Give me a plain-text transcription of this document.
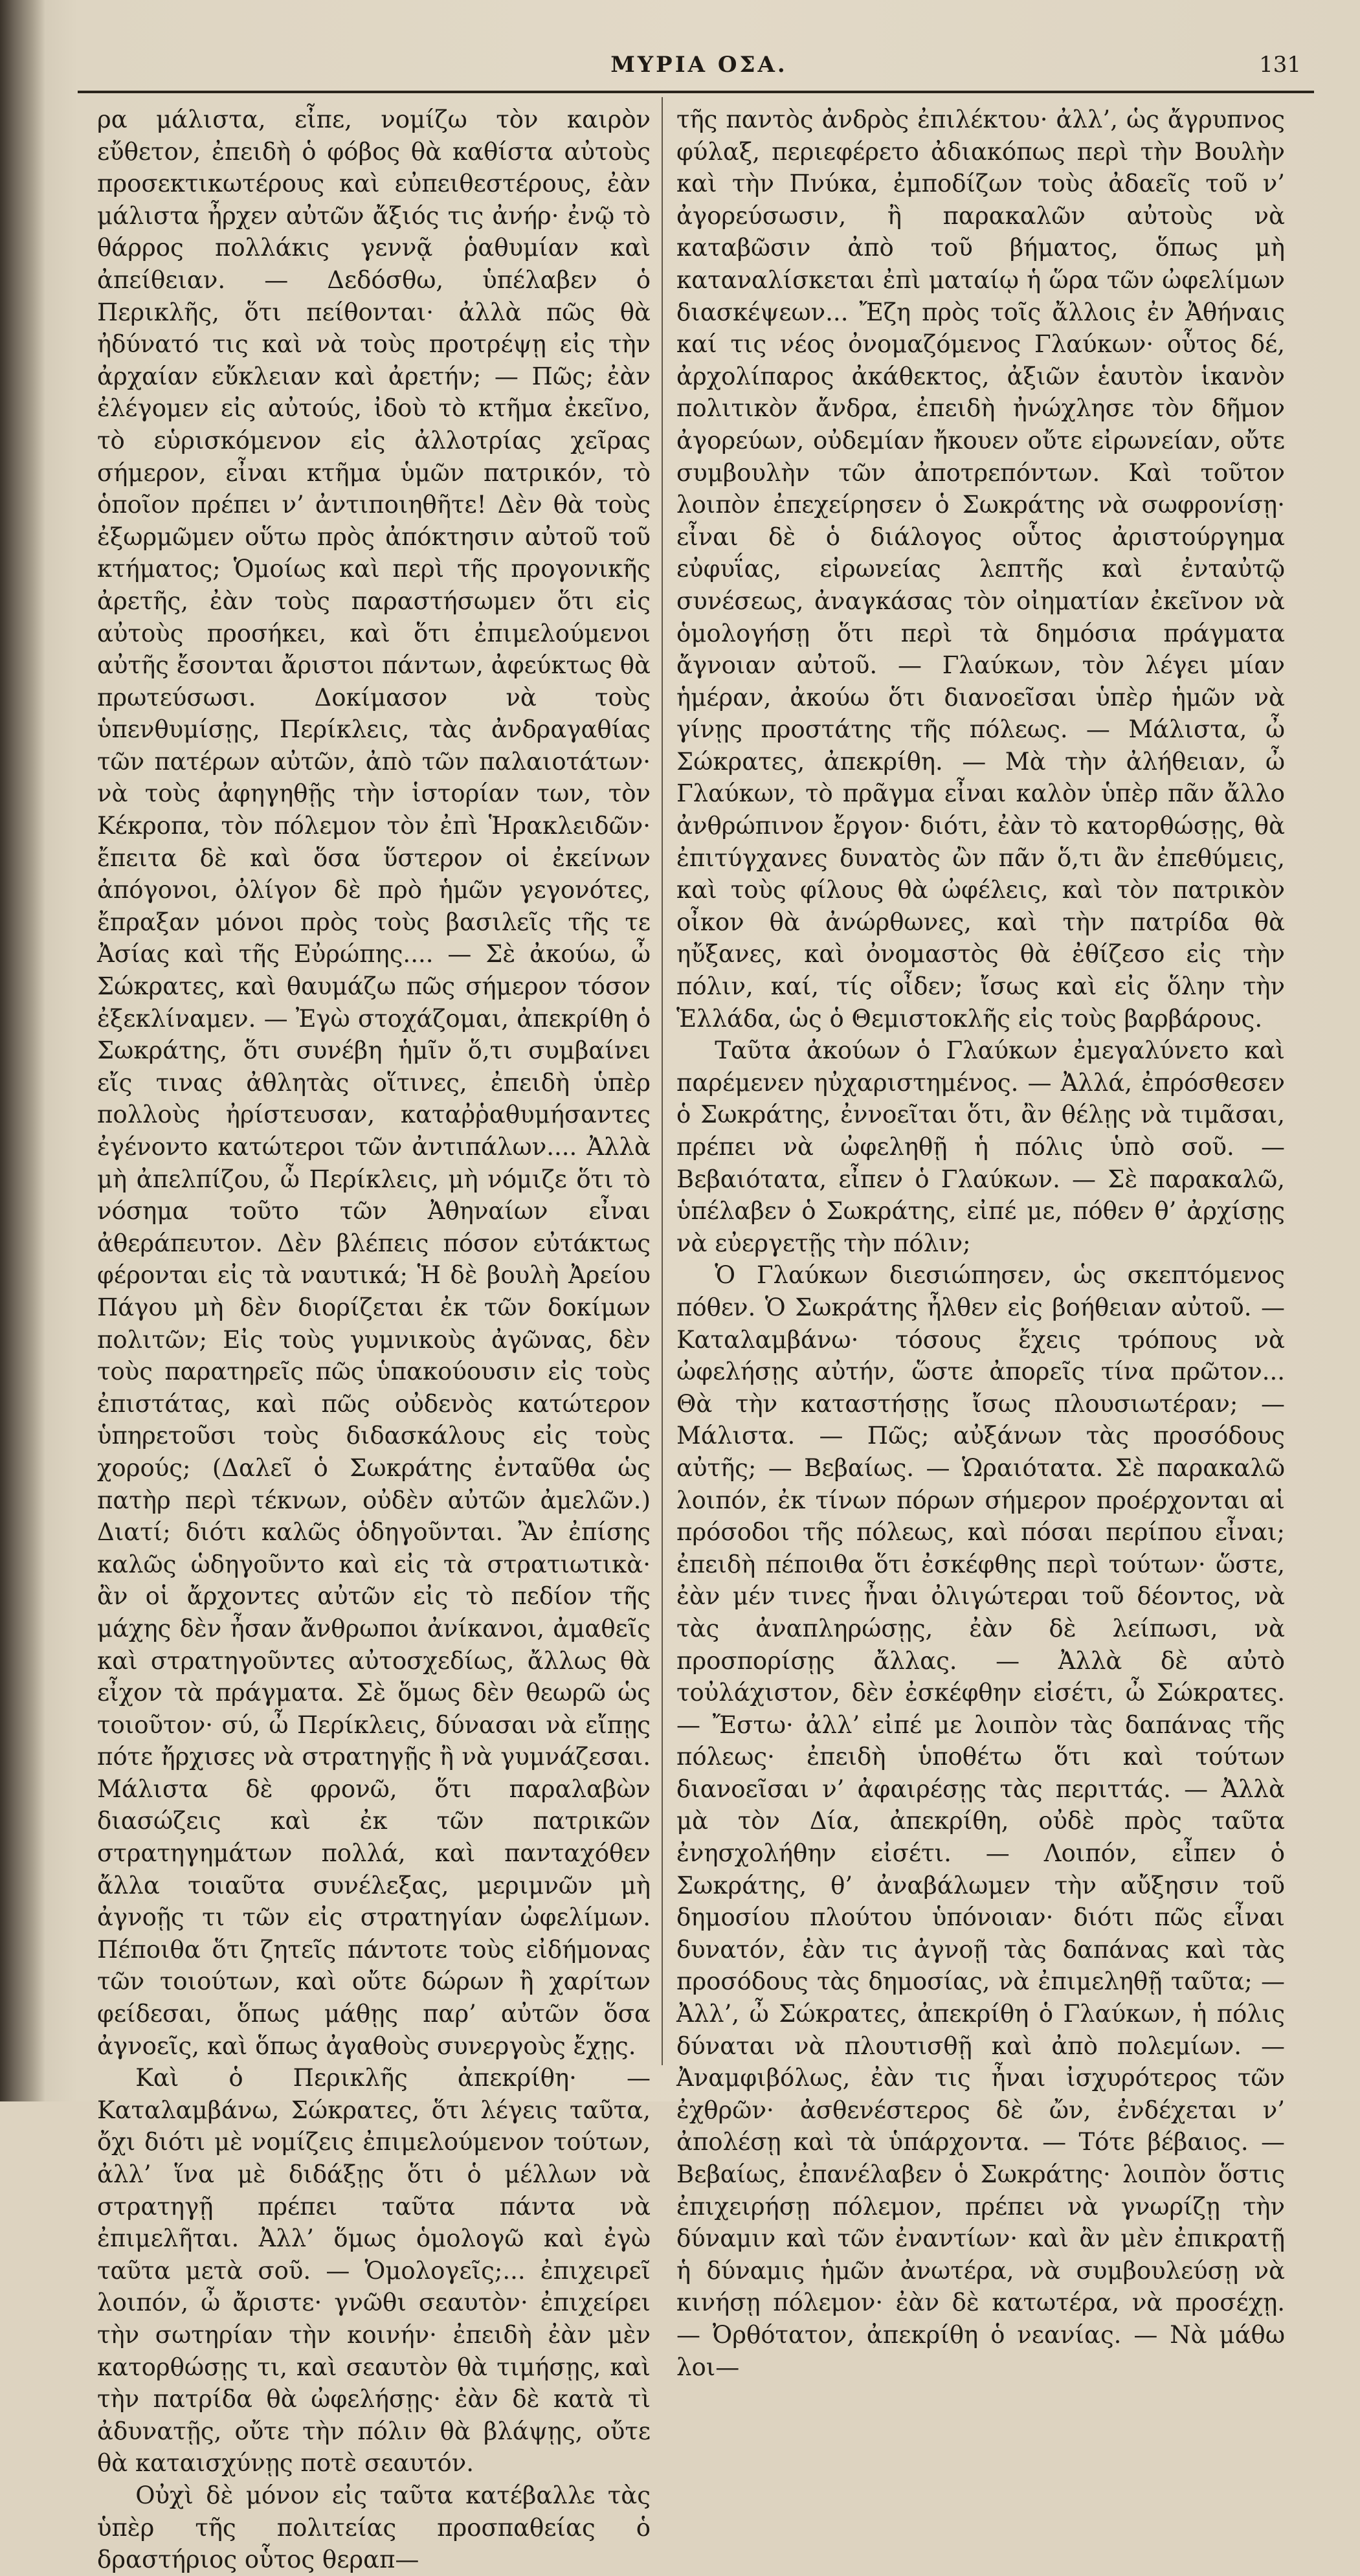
ΜΥΡΙΑ ΟΣΑ.	131

ρα μάλιστα, εἶπε, νομίζω τὸν καιρὸν εὔθετον, ἐπειδὴ ὁ φόβος θὰ καθίστα αὐτοὺς προσεκτικωτέρους καὶ εὐπειθεστέρους, ἐὰν μάλιστα ἦρχεν αὐτῶν ἄξιός τις ἀνήρ· ἐνῷ τὸ θάρρος πολλάκις γεννᾷ ῥαθυμίαν καὶ ἀπείθειαν. — Δεδόσθω, ὑπέλαβεν ὁ Περικλῆς, ὅτι πείθονται· ἀλλὰ πῶς θὰ ἠδύνατό τις καὶ νὰ τοὺς προτρέψῃ εἰς τὴν ἀρχαίαν εὔκλειαν καὶ ἀρετήν; — Πῶς; ἐὰν ἐλέγομεν εἰς αὐτούς, ἰδοὺ τὸ κτῆμα ἐκεῖνο, τὸ εὑρισκόμενον εἰς ἀλλοτρίας χεῖρας σήμερον, εἶναι κτῆμα ὑμῶν πατρικόν, τὸ ὁποῖον πρέπει ν’ ἀντιποιηθῆτε! Δὲν θὰ τοὺς ἐξωρμῶμεν οὕτω πρὸς ἀπόκτησιν αὐτοῦ τοῦ κτήματος; Ὁμοίως καὶ περὶ τῆς προγονικῆς ἀρετῆς, ἐὰν τοὺς παραστήσωμεν ὅτι εἰς αὐτοὺς προσήκει, καὶ ὅτι ἐπιμελούμενοι αὐτῆς ἔσονται ἄριστοι πάντων, ἀφεύκτως θὰ πρωτεύσωσι. Δοκίμασον νὰ τοὺς ὑπενθυμίσῃς, Περίκλεις, τὰς ἀνδραγαθίας τῶν πατέρων αὐτῶν, ἀπὸ τῶν παλαιοτάτων· νὰ τοὺς ἀφηγηθῇς τὴν ἱστορίαν των, τὸν Κέκροπα, τὸν πόλεμον τὸν ἐπὶ Ἡρακλειδῶν· ἔπειτα δὲ καὶ ὅσα ὕστερον οἱ ἐκείνων ἀπόγονοι, ὀλίγον δὲ πρὸ ἡμῶν γεγονότες, ἔπραξαν μόνοι πρὸς τοὺς βασιλεῖς τῆς τε Ἀσίας καὶ τῆς Εὐρώπης.... — Σὲ ἀκούω, ὦ Σώκρατες, καὶ θαυμάζω πῶς σήμερον τόσον ἐξεκλίναμεν. — Ἐγὼ στοχάζομαι, ἀπεκρίθη ὁ Σωκράτης, ὅτι συνέβη ἡμῖν ὅ,τι συμβαίνει εἴς τινας ἀθλητὰς οἵτινες, ἐπειδὴ ὑπὲρ πολλοὺς ἠρίστευσαν, καταῤῥαθυμήσαντες ἐγένοντο κατώτεροι τῶν ἀντιπάλων.... Ἀλλὰ μὴ ἀπελπίζου, ὦ Περίκλεις, μὴ νόμιζε ὅτι τὸ νόσημα τοῦτο τῶν Ἀθηναίων εἶναι ἀθεράπευτον. Δὲν βλέπεις πόσον εὐτάκτως φέρονται εἰς τὰ ναυτικά; Ἡ δὲ βουλὴ Ἀρείου Πάγου μὴ δὲν διορίζεται ἐκ τῶν δοκίμων πολιτῶν; Εἰς τοὺς γυμνικοὺς ἀγῶνας, δὲν τοὺς παρατηρεῖς πῶς ὑπακούουσιν εἰς τοὺς ἐπιστάτας, καὶ πῶς οὐδενὸς κατώτερον ὑπηρετοῦσι τοὺς διδασκάλους εἰς τοὺς χορούς; (Δαλεῖ ὁ Σωκράτης ἐνταῦθα ὡς πατὴρ περὶ τέκνων, οὐδὲν αὐτῶν ἀμελῶν.) Διατί; διότι καλῶς ὁδηγοῦνται. Ἂν ἐπίσης καλῶς ὡδηγοῦντο καὶ εἰς τὰ στρατιωτικὰ· ἂν οἱ ἄρχοντες αὐτῶν εἰς τὸ πεδίον τῆς μάχης δὲν ἦσαν ἄνθρωποι ἀνίκανοι, ἀμαθεῖς καὶ στρατηγοῦντες αὐτοσχεδίως, ἄλλως θὰ εἶχον τὰ πράγματα. Σὲ ὅμως δὲν θεωρῶ ὡς τοιοῦτον· σύ, ὦ Περίκλεις, δύνασαι νὰ εἴπῃς πότε ἤρχισες νὰ στρατηγῇς ἢ νὰ γυμνάζεσαι. Μάλιστα δὲ φρονῶ, ὅτι παραλαβὼν διασώζεις καὶ ἐκ τῶν πατρικῶν στρατηγημάτων πολλά, καὶ πανταχόθεν ἄλλα τοιαῦτα συνέλεξας, μεριμνῶν μὴ ἀγνοῇς τι τῶν εἰς στρατηγίαν ὠφελίμων. Πέποιθα ὅτι ζητεῖς πάντοτε τοὺς εἰδήμονας τῶν τοιούτων, καὶ οὔτε δώρων ἢ χαρίτων φείδεσαι, ὅπως μάθῃς παρ’ αὐτῶν ὅσα ἀγνοεῖς, καὶ ὅπως ἀγαθοὺς συνεργοὺς ἔχῃς.

Καὶ ὁ Περικλῆς ἀπεκρίθη· — Καταλαμβάνω, Σώκρατες, ὅτι λέγεις ταῦτα, ὄχι διότι μὲ νομίζεις ἐπιμελούμενον τούτων, ἀλλ’ ἵνα μὲ διδάξῃς ὅτι ὁ μέλλων νὰ στρατηγῇ πρέπει ταῦτα πάντα νὰ ἐπιμελῆται. Ἀλλ’ ὅμως ὁμολογῶ καὶ ἐγὼ ταῦτα μετὰ σοῦ. — Ὁμολογεῖς;... ἐπιχειρεῖ λοιπόν, ὦ ἄριστε· γνῶθι σεαυτὸν· ἐπιχείρει τὴν σωτηρίαν τὴν κοινήν· ἐπειδὴ ἐὰν μὲν κατορθώσῃς τι, καὶ σεαυτὸν θὰ τιμήσῃς, καὶ τὴν πατρίδα θὰ ὠφελήσῃς· ἐὰν δὲ κατὰ τὶ ἀδυνατῇς, οὔτε τὴν πόλιν θὰ βλάψῃς, οὔτε θὰ καταισχύνῃς ποτὲ σεαυτόν.

Οὐχὶ δὲ μόνον εἰς ταῦτα κατέβαλλε τὰς ὑπὲρ τῆς πολιτείας προσπαθείας ὁ δραστήριος οὗτος θεραπ—

τῆς παντὸς ἀνδρὸς ἐπιλέκτου· ἀλλ’, ὡς ἄγρυπνος φύλαξ, περιεφέρετο ἀδιακόπως περὶ τὴν Βουλὴν καὶ τὴν Πνύκα, ἐμποδίζων τοὺς ἀδαεῖς τοῦ ν’ ἀγορεύσωσιν, ἢ παρακαλῶν αὐτοὺς νὰ καταβῶσιν ἀπὸ τοῦ βήματος, ὅπως μὴ καταναλίσκεται ἐπὶ ματαίῳ ἡ ὥρα τῶν ὠφελίμων διασκέψεων... Ἔζη πρὸς τοῖς ἄλλοις ἐν Ἀθήναις καί τις νέος ὀνομαζόμενος Γλαύκων· οὗτος δέ, ἀρχολίπαρος ἀκάθεκτος, ἀξιῶν ἑαυτὸν ἱκανὸν πολιτικὸν ἄνδρα, ἐπειδὴ ἠνώχλησε τὸν δῆμον ἀγορεύων, οὐδεμίαν ἤκουεν οὔτε εἰρωνείαν, οὔτε συμβουλὴν τῶν ἀποτρεπόντων. Καὶ τοῦτον λοιπὸν ἐπεχείρησεν ὁ Σωκράτης νὰ σωφρονίσῃ· εἶναι δὲ ὁ διάλογος οὗτος ἀριστούργημα εὐφυΐας, εἰρωνείας λεπτῆς καὶ ἐνταὐτῷ συνέσεως, ἀναγκάσας τὸν οἰηματίαν ἐκεῖνον νὰ ὁμολογήσῃ ὅτι περὶ τὰ δημόσια πράγματα ἄγνοιαν αὐτοῦ. — Γλαύκων, τὸν λέγει μίαν ἡμέραν, ἀκούω ὅτι διανοεῖσαι ὑπὲρ ἡμῶν νὰ γίνῃς προστάτης τῆς πόλεως. — Μάλιστα, ὦ Σώκρατες, ἀπεκρίθη. — Μὰ τὴν ἀλήθειαν, ὦ Γλαύκων, τὸ πρᾶγμα εἶναι καλὸν ὑπὲρ πᾶν ἄλλο ἀνθρώπινον ἔργον· διότι, ἐὰν τὸ κατορθώσῃς, θὰ ἐπιτύγχανες δυνατὸς ὢν πᾶν ὅ,τι ἂν ἐπεθύμεις, καὶ τοὺς φίλους θὰ ὠφέλεις, καὶ τὸν πατρικὸν οἶκον θὰ ἀνώρθωνες, καὶ τὴν πατρίδα θὰ ηὔξανες, καὶ ὀνομαστὸς θὰ ἐθίζεσο εἰς τὴν πόλιν, καί, τίς οἶδεν; ἴσως καὶ εἰς ὅλην τὴν Ἑλλάδα, ὡς ὁ Θεμιστοκλῆς εἰς τοὺς βαρβάρους.

Ταῦτα ἀκούων ὁ Γλαύκων ἐμεγαλύνετο καὶ παρέμενεν ηὐχαριστημένος. — Ἀλλά, ἐπρόσθεσεν ὁ Σωκράτης, ἐννοεῖται ὅτι, ἂν θέλῃς νὰ τιμᾶσαι, πρέπει νὰ ὠφεληθῇ ἡ πόλις ὑπὸ σοῦ. — Βεβαιότατα, εἶπεν ὁ Γλαύκων. — Σὲ παρακαλῶ, ὑπέλαβεν ὁ Σωκράτης, εἰπέ με, πόθεν θ’ ἀρχίσῃς νὰ εὐεργετῇς τὴν πόλιν;

Ὁ Γλαύκων διεσιώπησεν, ὡς σκεπτόμενος πόθεν. Ὁ Σωκράτης ἦλθεν εἰς βοήθειαν αὐτοῦ. — Καταλαμβάνω· τόσους ἔχεις τρόπους νὰ ὠφελήσῃς αὐτήν, ὥστε ἀπορεῖς τίνα πρῶτον... Θὰ τὴν καταστήσῃς ἴσως πλουσιωτέραν; — Μάλιστα. — Πῶς; αὐξάνων τὰς προσόδους αὐτῆς; — Βεβαίως. — Ὡραιότατα. Σὲ παρακαλῶ λοιπόν, ἐκ τίνων πόρων σήμερον προέρχονται αἱ πρόσοδοι τῆς πόλεως, καὶ πόσαι περίπου εἶναι; ἐπειδὴ πέποιθα ὅτι ἐσκέφθης περὶ τούτων· ὥστε, ἐὰν μέν τινες ἦναι ὀλιγώτεραι τοῦ δέοντος, νὰ τὰς ἀναπληρώσῃς, ἐὰν δὲ λείπωσι, νὰ προσπορίσῃς ἄλλας. — Ἀλλὰ δὲ αὐτὸ τοὐλάχιστον, δὲν ἐσκέφθην εἰσέτι, ὦ Σώκρατες. — Ἔστω· ἀλλ’ εἰπέ με λοιπὸν τὰς δαπάνας τῆς πόλεως· ἐπειδὴ ὑποθέτω ὅτι καὶ τούτων διανοεῖσαι ν’ ἀφαιρέσῃς τὰς περιττάς. — Ἀλλὰ μὰ τὸν Δία, ἀπεκρίθη, οὐδὲ πρὸς ταῦτα ἐνησχολήθην εἰσέτι. — Λοιπόν, εἶπεν ὁ Σωκράτης, θ’ ἀναβάλωμεν τὴν αὔξησιν τοῦ δημοσίου πλούτου ὑπόνοιαν· διότι πῶς εἶναι δυνατόν, ἐὰν τις ἀγνοῇ τὰς δαπάνας καὶ τὰς προσόδους τὰς δημοσίας, νὰ ἐπιμεληθῇ ταῦτα; — Ἀλλ’, ὦ Σώκρατες, ἀπεκρίθη ὁ Γλαύκων, ἡ πόλις δύναται νὰ πλουτισθῇ καὶ ἀπὸ πολεμίων. — Ἀναμφιβόλως, ἐὰν τις ἦναι ἰσχυρότερος τῶν ἐχθρῶν· ἀσθενέστερος δὲ ὤν, ἐνδέχεται ν’ ἀπολέσῃ καὶ τὰ ὑπάρχοντα. — Τότε βέβαιος. — Βεβαίως, ἐπανέλαβεν ὁ Σωκράτης· λοιπὸν ὅστις ἐπιχειρήσῃ πόλεμον, πρέπει νὰ γνωρίζῃ τὴν δύναμιν καὶ τῶν ἐναντίων· καὶ ἂν μὲν ἐπικρατῇ ἡ δύναμις ἡμῶν ἀνωτέρα, νὰ συμβουλεύσῃ νὰ κινήσῃ πόλεμον· ἐὰν δὲ κατωτέρα, νὰ προσέχῃ. — Ὀρθότατον, ἀπεκρίθη ὁ νεανίας. — Νὰ μάθω λοι—
